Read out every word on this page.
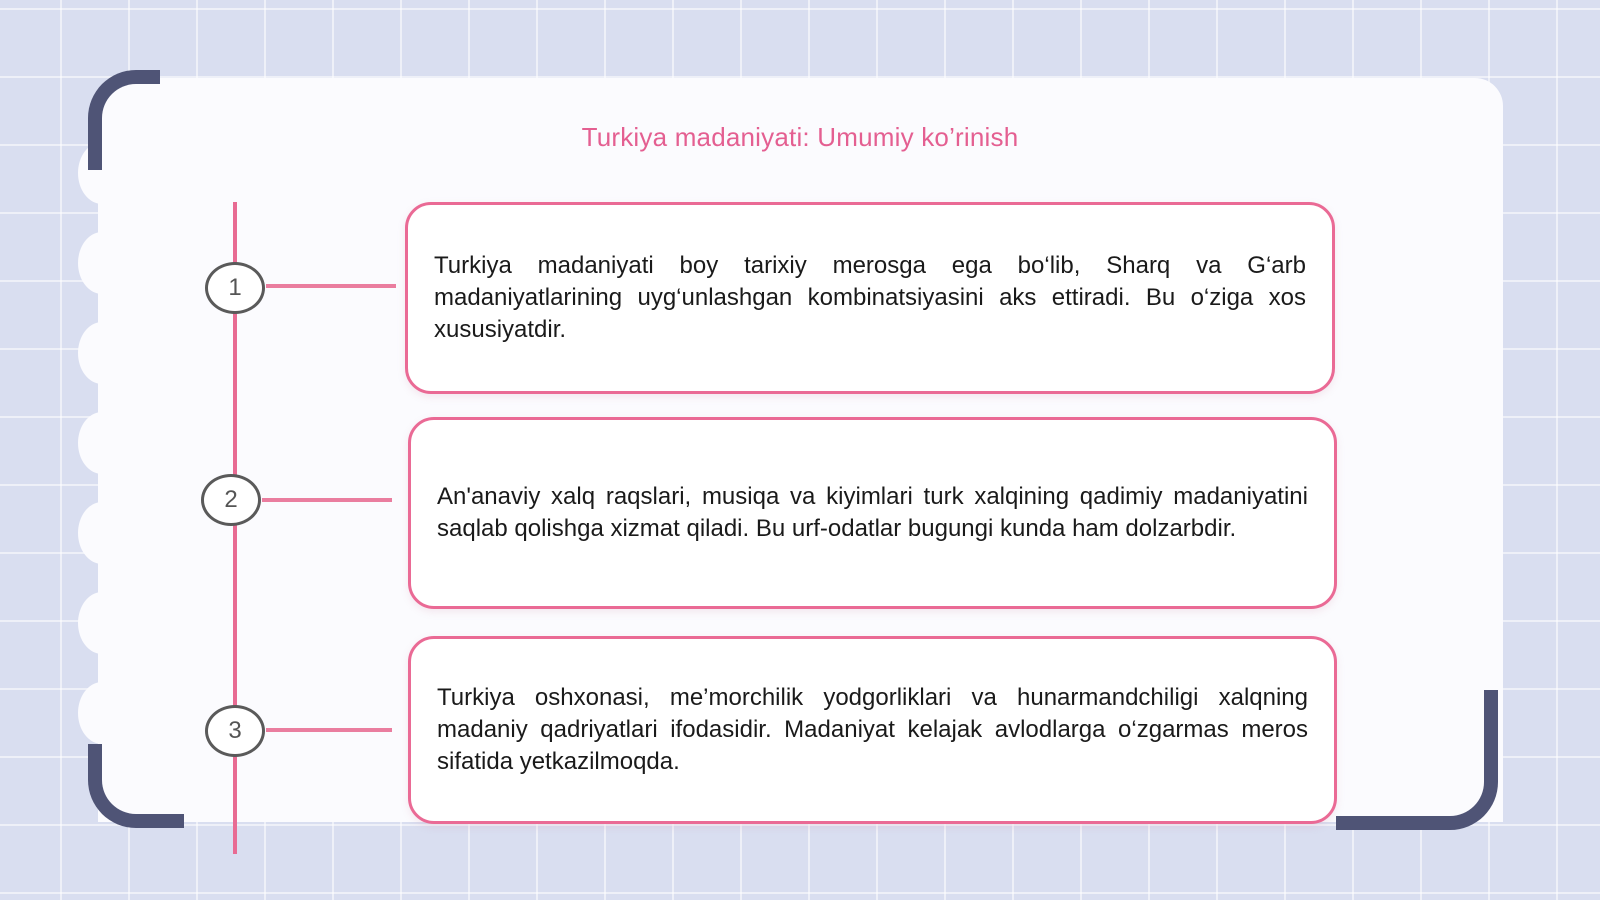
Turkiya madaniyati: Umumiy ko’rinish
1
Turkiya madaniyati boy tarixiy merosga ega bo‘lib, Sharq va G‘arb madaniyatlarining uyg‘unlashgan kombinatsiyasini aks ettiradi. Bu o‘ziga xos xususiyatdir.
2	An'anaviy xalq raqslari, musiqa va kiyimlari turk xalqining qadimiy madaniyatini saqlab qolishga xizmat qiladi. Bu urf-odatlar bugungi kunda ham dolzarbdir.
3
Turkiya oshxonasi, me’morchilik yodgorliklari va hunarmandchiligi xalqning madaniy qadriyatlari ifodasidir. Madaniyat kelajak avlodlarga o‘zgarmas meros sifatida yetkazilmoqda.
